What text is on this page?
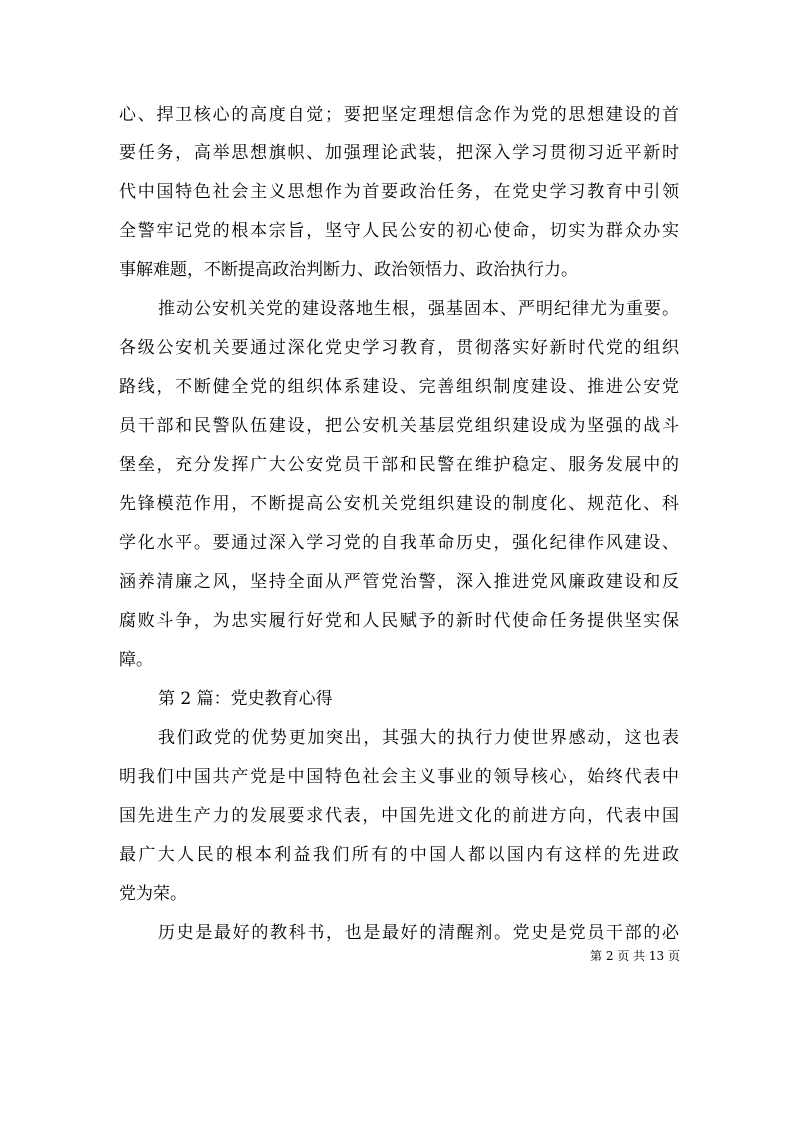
心、捍卫核心的高度自觉；要把坚定理想信念作为党的思想建设的首
要任务，高举思想旗帜、加强理论武装，把深入学习贯彻习近平新时
代中国特色社会主义思想作为首要政治任务，在党史学习教育中引领
全警牢记党的根本宗旨，坚守人民公安的初心使命，切实为群众办实
事解难题，不断提高政治判断力、政治领悟力、政治执行力。
推动公安机关党的建设落地生根，强基固本、严明纪律尤为重要。
各级公安机关要通过深化党史学习教育，贯彻落实好新时代党的组织
路线，不断健全党的组织体系建设、完善组织制度建设、推进公安党
员干部和民警队伍建设，把公安机关基层党组织建设成为坚强的战斗
堡垒，充分发挥广大公安党员干部和民警在维护稳定、服务发展中的
先锋模范作用，不断提高公安机关党组织建设的制度化、规范化、科
学化水平。要通过深入学习党的自我革命历史，强化纪律作风建设、
涵养清廉之风，坚持全面从严管党治警，深入推进党风廉政建设和反
腐败斗争，为忠实履行好党和人民赋予的新时代使命任务提供坚实保
障。
第 2 篇：党史教育心得
我们政党的优势更加突出，其强大的执行力使世界感动，这也表
明我们中国共产党是中国特色社会主义事业的领导核心，始终代表中
国先进生产力的发展要求代表，中国先进文化的前进方向，代表中国
最广大人民的根本利益我们所有的中国人都以国内有这样的先进政
党为荣。
历史是最好的教科书，也是最好的清醒剂。党史是党员干部的必
第 2 页 共 13 页
